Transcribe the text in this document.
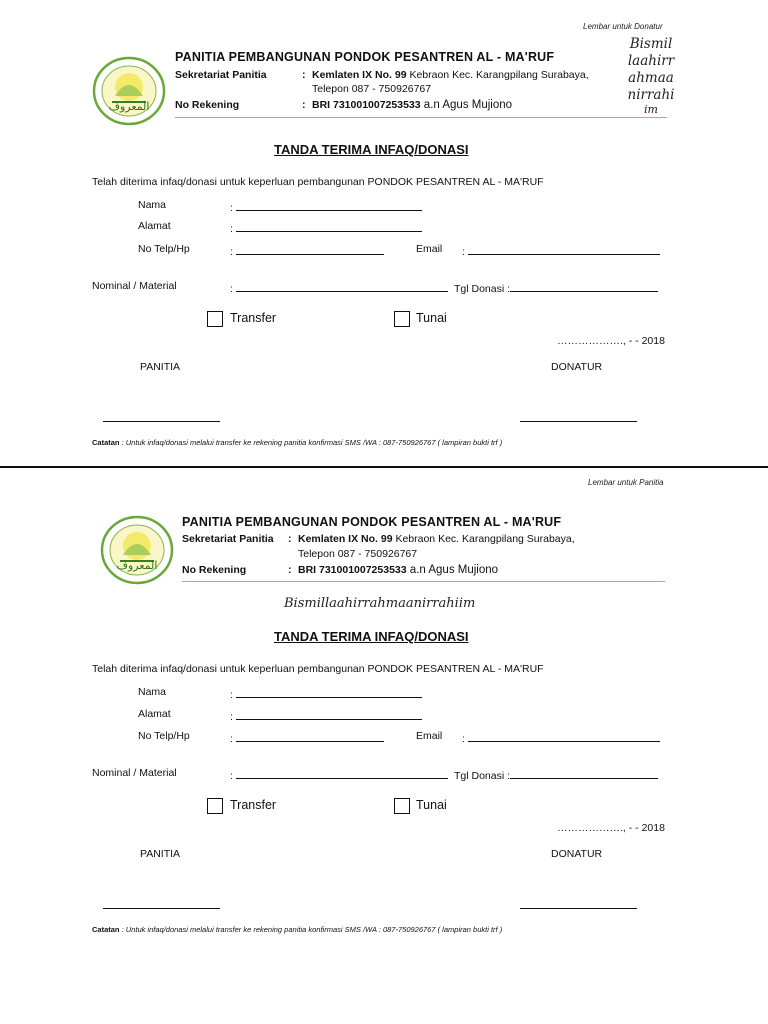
Lembar untuk Donatur
المعروف
PANITIA PEMBANGUNAN PONDOK PESANTREN AL - MA'RUF
Sekretariat Panitia	: Kemlaten IX No. 99 Kebraon Kec. Karangpilang Surabaya,
Telepon 087 - 750926767
No Rekening	: BRI 731001007253533 a.n Agus Mujiono
Bismil
laahirr
ahmaa
nirrahi
im
TANDA TERIMA INFAQ/DONASI
Telah diterima infaq/donasi untuk keperluan pembangunan PONDOK PESANTREN AL - MA'RUF
Nama	:
Alamat	:
No Telp/Hp	:	Email :
Nominal / Material	:	Tgl Donasi :
Transfer	Tunai
………………., - - 2018
PANITIA	DONATUR
Catatan : Untuk infaq/donasi melalui transfer ke rekening panitia konfirmasi SMS /WA : 087-750926767 ( lampiran bukti trf )
Lembar untuk Panitia
المعروف
PANITIA PEMBANGUNAN PONDOK PESANTREN AL - MA'RUF
Sekretariat Panitia : Kemlaten IX No. 99 Kebraon Kec. Karangpilang Surabaya,
Telepon 087 - 750926767
No Rekening	: BRI 731001007253533 a.n Agus Mujiono
Bismillaahirrahmaanirrahiim
TANDA TERIMA INFAQ/DONASI
Telah diterima infaq/donasi untuk keperluan pembangunan PONDOK PESANTREN AL - MA'RUF
Nama	:
Alamat	:
No Telp/Hp	:	Email :
Nominal / Material	:	Tgl Donasi :
Transfer	Tunai
………………., - - 2018
PANITIA	DONATUR
Catatan : Untuk infaq/donasi melalui transfer ke rekening panitia konfirmasi SMS /WA : 087-750926767 ( lampiran bukti trf )
